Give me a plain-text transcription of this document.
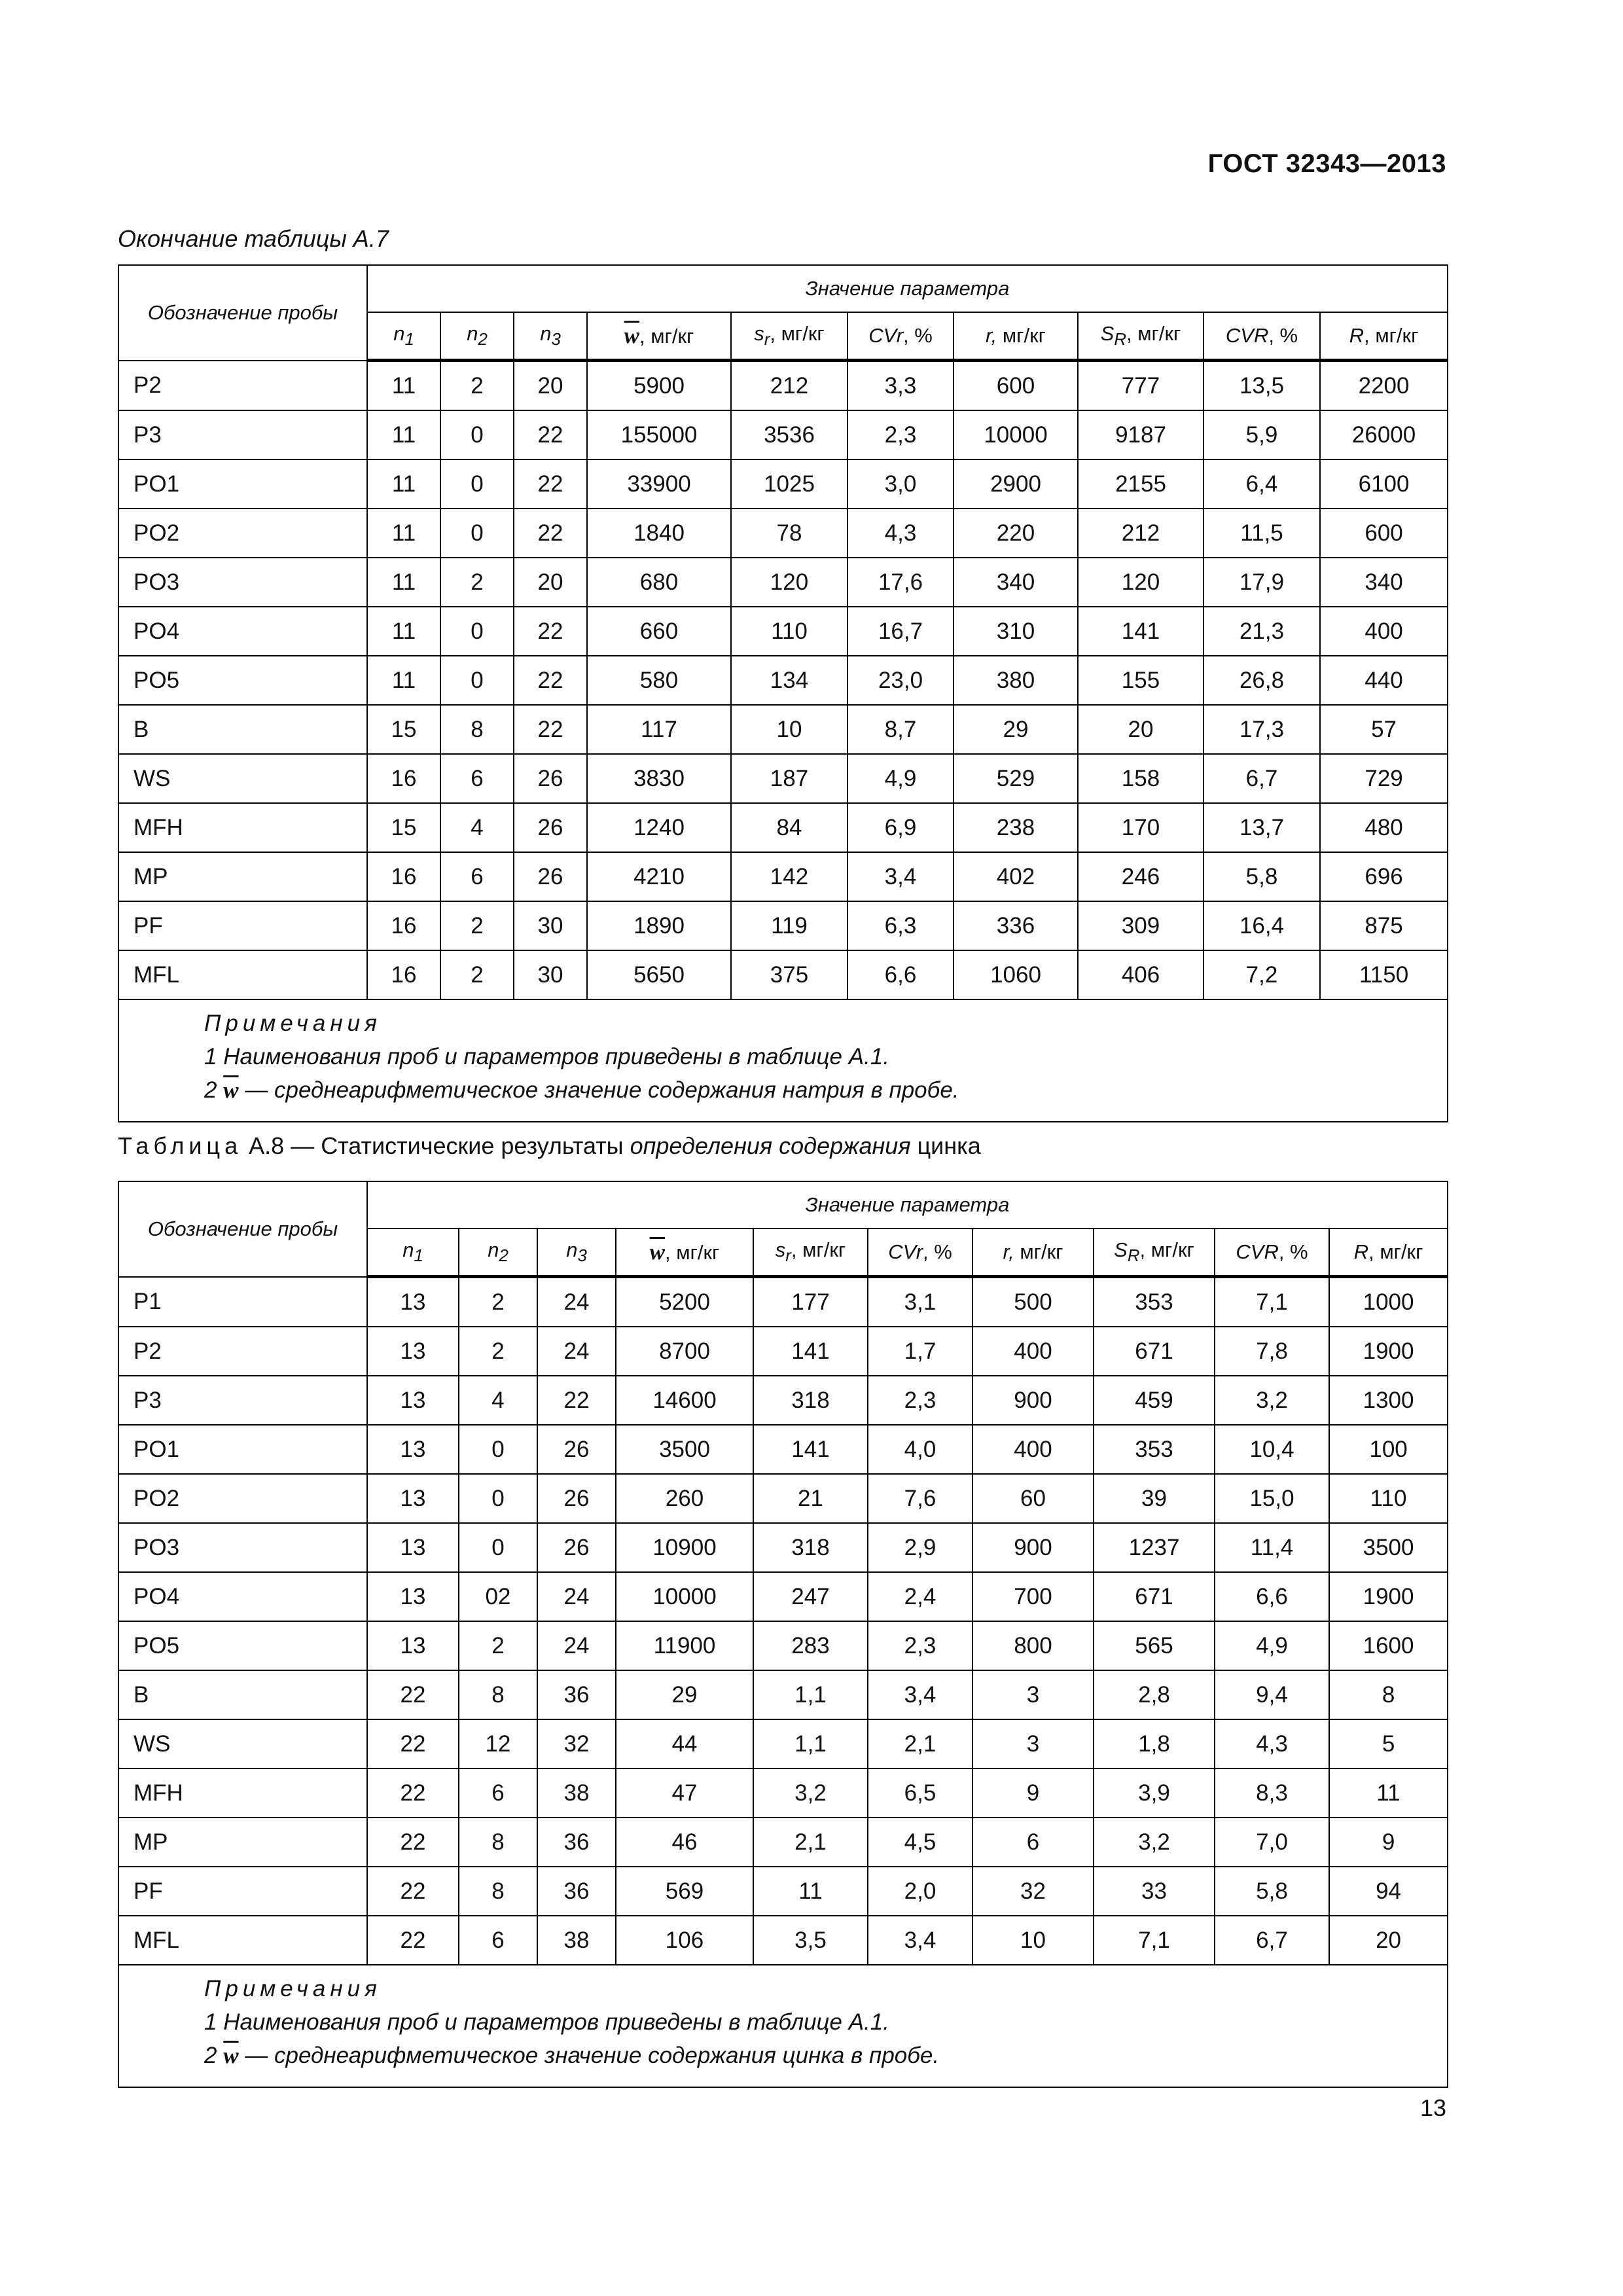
ГОСТ 32343—2013
Окончание таблицы А.7
Обозначение пробы	Значение параметра									
	$n_1$	$n_2$	$n_3$	$\overline{w}$, мг/кг	$s_r$, мг/кг	CVr, %	r, мг/кг	$S_R$, мг/кг	CVR, %	R, мг/кг
P2	11	2	20	5900	212	3,3	600	777	13,5	2200
P3	11	0	22	155000	3536	2,3	10000	9187	5,9	26000
PO1	11	0	22	33900	1025	3,0	2900	2155	6,4	6100
PO2	11	0	22	1840	78	4,3	220	212	11,5	600
PO3	11	2	20	680	120	17,6	340	120	17,9	340
PO4	11	0	22	660	110	16,7	310	141	21,3	400
PO5	11	0	22	580	134	23,0	380	155	26,8	440
B	15	8	22	117	10	8,7	29	20	17,3	57
WS	16	6	26	3830	187	4,9	529	158	6,7	729
MFH	15	4	26	1240	84	6,9	238	170	13,7	480
MP	16	6	26	4210	142	3,4	402	246	5,8	696
PF	16	2	30	1890	119	6,3	336	309	16,4	875
MFL	16	2	30	5650	375	6,6	1060	406	7,2	1150

Примечания
1 Наименования проб и параметров приведены в таблице А.1.
2 $\overline{w}$ — среднеарифметическое значение содержания натрия в пробе.										
Таблица А.8 — Статистические результаты определения содержания цинка
Обозначение пробы	Значение параметра									
	$n_1$	$n_2$	$n_3$	$\overline{w}$, мг/кг	$s_r$, мг/кг	CVr, %	r, мг/кг	$S_R$, мг/кг	CVR, %	R, мг/кг
P1	13	2	24	5200	177	3,1	500	353	7,1	1000
P2	13	2	24	8700	141	1,7	400	671	7,8	1900
P3	13	4	22	14600	318	2,3	900	459	3,2	1300
PO1	13	0	26	3500	141	4,0	400	353	10,4	100
PO2	13	0	26	260	21	7,6	60	39	15,0	110
PO3	13	0	26	10900	318	2,9	900	1237	11,4	3500
PO4	13	02	24	10000	247	2,4	700	671	6,6	1900
PO5	13	2	24	11900	283	2,3	800	565	4,9	1600
B	22	8	36	29	1,1	3,4	3	2,8	9,4	8
WS	22	12	32	44	1,1	2,1	3	1,8	4,3	5
MFH	22	6	38	47	3,2	6,5	9	3,9	8,3	11
MP	22	8	36	46	2,1	4,5	6	3,2	7,0	9
PF	22	8	36	569	11	2,0	32	33	5,8	94
MFL	22	6	38	106	3,5	3,4	10	7,1	6,7	20

Примечания
1 Наименования проб и параметров приведены в таблице А.1.
2 $\overline{w}$ — среднеарифметическое значение содержания цинка в пробе.										
13
